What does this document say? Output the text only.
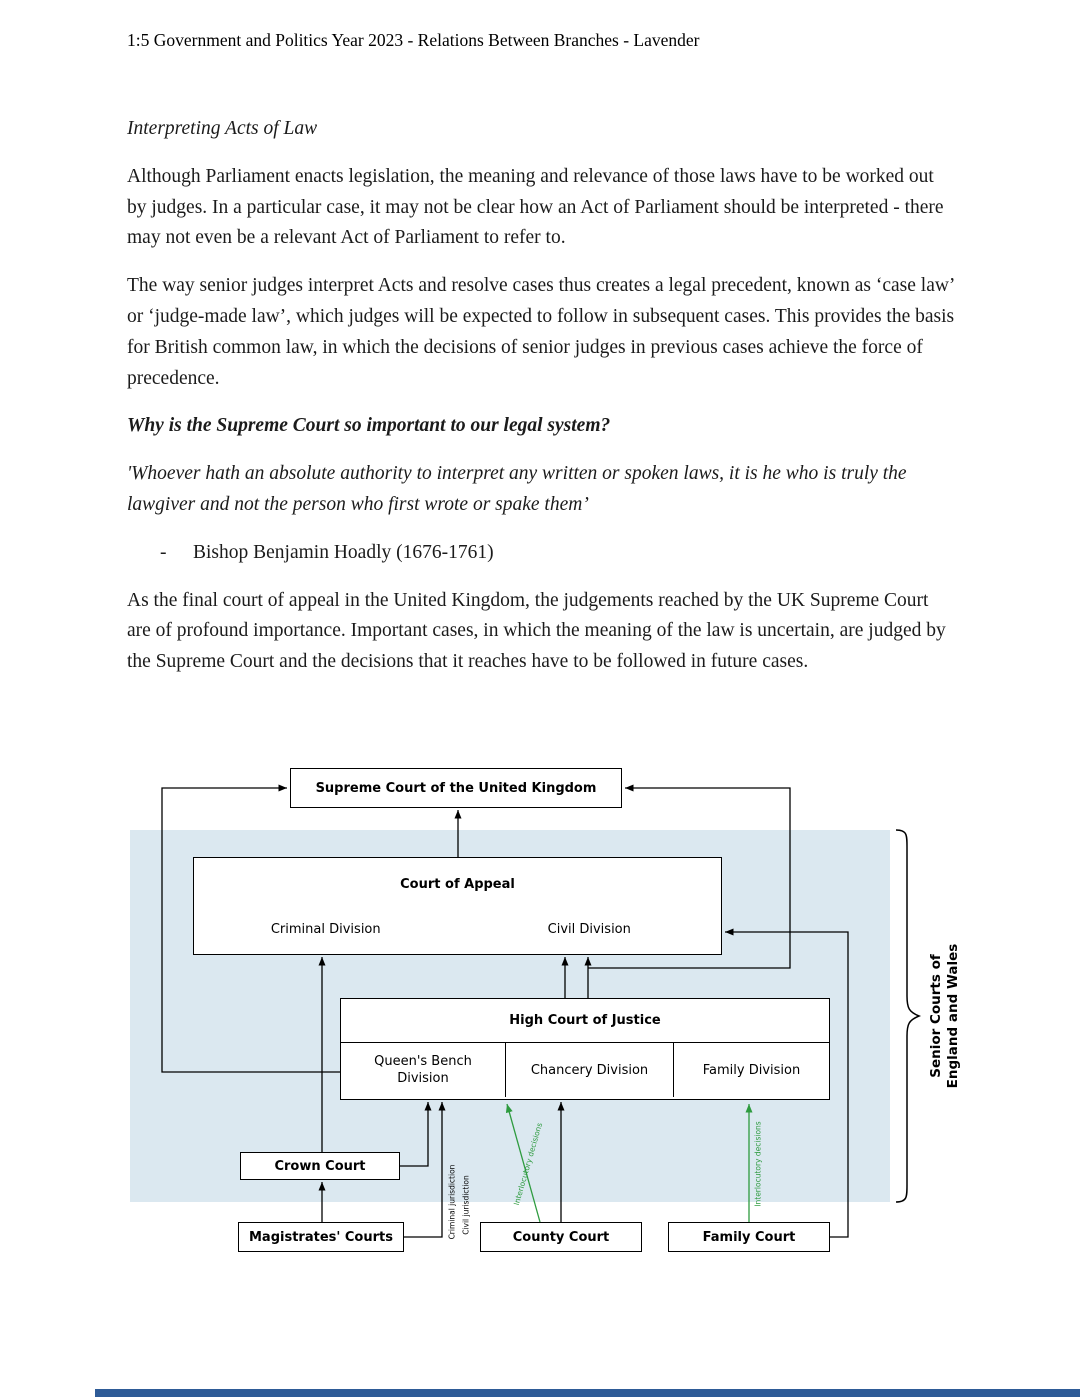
1:5 Government and Politics Year 2023 - Relations Between Branches - Lavender

Interpreting Acts of Law

Although Parliament enacts legislation, the meaning and relevance of those laws have to be worked out by judges. In a particular case, it may not be clear how an Act of Parliament should be interpreted - there may not even be a relevant Act of Parliament to refer to.

The way senior judges interpret Acts and resolve cases thus creates a legal precedent, known as ‘case law’ or ‘judge-made law’, which judges will be expected to follow in subsequent cases. This provides the basis for British common law, in which the decisions of senior judges in previous cases achieve the force of precedence.

Why is the Supreme Court so important to our legal system?

'Whoever hath an absolute authority to interpret any written or spoken laws, it is he who is truly the lawgiver and not the person who first wrote or spake them’

- Bishop Benjamin Hoadly (1676-1761)

As the final court of appeal in the United Kingdom, the judgements reached by the UK Supreme Court are of profound importance. Important cases, in which the meaning of the law is uncertain, are judged by the Supreme Court and the decisions that it reaches have to be followed in future cases.

Supreme Court of the United Kingdom
Court of Appeal
Criminal Division	Civil Division
High Court of Justice
Queen's Bench Division
Chancery Division	Family Division
Crown Court
Magistrates' Courts	County Court	Family Court
Criminal jurisdiction Civil jurisdiction	Interlocutory decisions	Interlocutory decisions
Senior Courts of England and Wales
